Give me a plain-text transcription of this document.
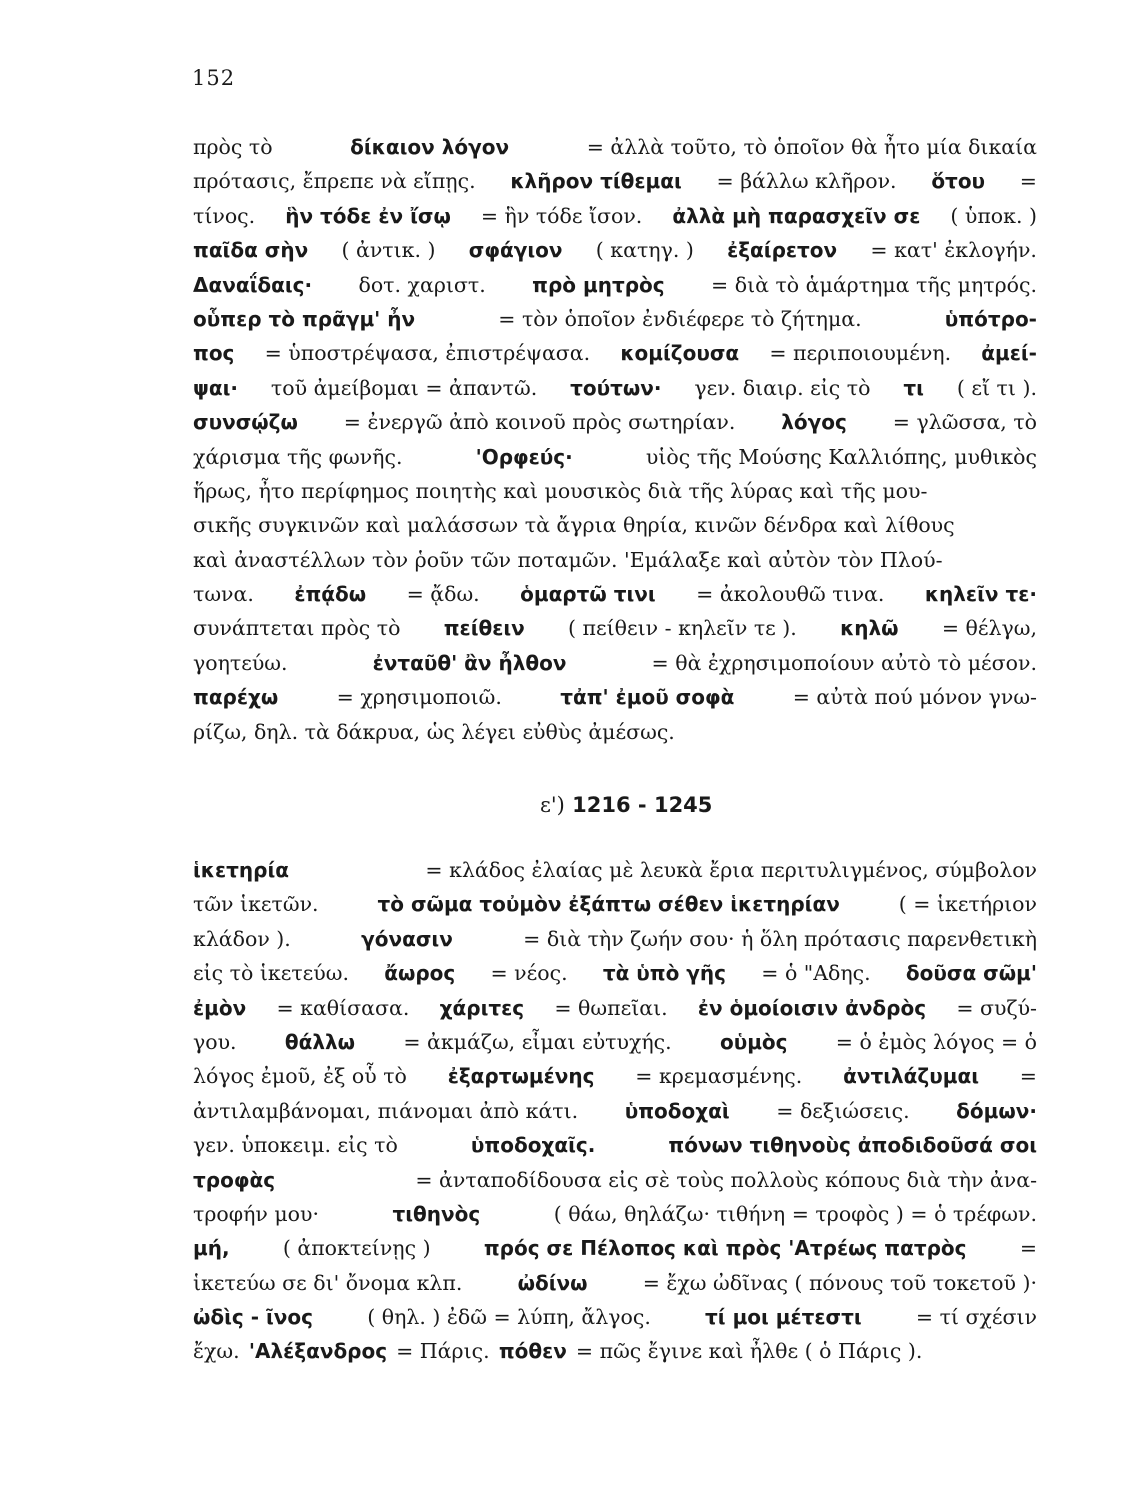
152
πρὸς τὸ	δίκαιον λόγον	= ἀλλὰ τοῦτο, τὸ ὁποῖον θὰ ἦτο μία δικαία
πρότασις, ἔπρεπε νὰ εἴπῃς. κλῆρον τίθεμαι = βάλλω κλῆρον. ὅτου =
τίνος. ἣν τόδε ἐν ἴσῳ = ἣν τόδε ἴσον. ἀλλὰ μὴ παρασχεῖν σε ( ὑποκ. )
παῖδα σὴν ( ἀντικ. ) σφάγιον ( κατηγ. ) ἐξαίρετον = κατ' ἐκλογήν.
Δαναΐδαις· δοτ. χαριστ. πρὸ μητρὸς = διὰ τὸ ἁμάρτημα τῆς μητρός.
οὗπερ τὸ πρᾶγμ' ἦν	= τὸν ὁποῖον ἐνδιέφερε τὸ ζήτημα.	ὑπότρο-
πος = ὑποστρέψασα, ἐπιστρέψασα. κομίζουσα = περιποιουμένη. ἀμεί-
ψαι· τοῦ ἀμείβομαι = ἀπαντῶ. τούτων· γεν. διαιρ. εἰς τὸ τι ( εἴ τι ).
συνσῴζω = ἐνεργῶ ἀπὸ κοινοῦ πρὸς σωτηρίαν. λόγος = γλῶσσα, τὸ
χάρισμα τῆς φωνῆς.	'Ορφεύς·	υἱὸς τῆς Μούσης Καλλιόπης, μυθικὸς
ἥρως, ἦτο περίφημος ποιητὴς καὶ μουσικὸς διὰ τῆς λύρας καὶ τῆς μου-
σικῆς συγκινῶν καὶ μαλάσσων τὰ ἄγρια θηρία, κινῶν δένδρα καὶ λίθους
καὶ ἀναστέλλων τὸν ῥοῦν τῶν ποταμῶν. 'Εμάλαξε καὶ αὐτὸν τὸν Πλού-
τωνα. ἐπᾴδω = ᾄδω. ὁμαρτῶ τινι = ἀκολουθῶ τινα. κηλεῖν τε·
συνάπτεται πρὸς τὸ πείθειν ( πείθειν - κηλεῖν τε ). κηλῶ = θέλγω,
γοητεύω.	ἐνταῦθ' ἂν ἦλθον	= θὰ ἐχρησιμοποίουν αὐτὸ τὸ μέσον.
παρέχω	= χρησιμοποιῶ.	τἀπ' ἐμοῦ σοφὰ	= αὐτὰ πού μόνον γνω-
ρίζω, δηλ. τὰ δάκρυα, ὡς λέγει εὐθὺς ἀμέσως.
ε') 1216 - 1245
ἱκετηρία	= κλάδος ἐλαίας μὲ λευκὰ ἔρια περιτυλιγμένος, σύμβολον
τῶν ἱκετῶν.	τὸ σῶμα τοὐμὸν ἐξάπτω σέθεν ἱκετηρίαν	( = ἱκετήριον
κλάδον ).	γόνασιν	= διὰ τὴν ζωήν σου· ἡ ὅλη πρότασις παρενθετικὴ
εἰς τὸ ἱκετεύω. ἄωρος = νέος. τὰ ὑπὸ γῆς = ὁ "Αδης. δοῦσα σῶμ'
ἐμὸν = καθίσασα. χάριτες = θωπεῖαι. ἐν ὁμοίοισιν ἀνδρὸς = συζύ-
γου. θάλλω = ἀκμάζω, εἶμαι εὐτυχής. οὑμὸς = ὁ ἐμὸς λόγος = ὁ
λόγος ἐμοῦ, ἐξ οὗ τὸ ἐξαρτωμένης = κρεμασμένης. ἀντιλάζυμαι =
ἀντιλαμβάνομαι, πιάνομαι ἀπὸ κάτι. ὑποδοχαὶ = δεξιώσεις. δόμων·
γεν. ὑποκειμ. εἰς τὸ	ὑποδοχαῖς.	πόνων τιθηνοὺς ἀποδιδοῦσά σοι
τροφὰς	= ἀνταποδίδουσα εἰς σὲ τοὺς πολλοὺς κόπους διὰ τὴν ἀνα-
τροφήν μου·	τιθηνὸς	( θάω, θηλάζω· τιθήνη = τροφὸς ) = ὁ τρέφων.
μή,	( ἀποκτείνῃς )	πρός σε Πέλοπος καὶ πρὸς 'Ατρέως πατρὸς	=
ἱκετεύω σε δι' ὄνομα κλπ.	ὠδίνω	= ἔχω ὠδῖνας ( πόνους τοῦ τοκετοῦ )·
ὠδὶς - ῖνος	( θηλ. ) ἐδῶ = λύπη, ἄλγος.	τί μοι μέτεστι	= τί σχέσιν
ἔχω. 'Αλέξανδρος = Πάρις. πόθεν = πῶς ἔγινε καὶ ἦλθε ( ὁ Πάρις ).
